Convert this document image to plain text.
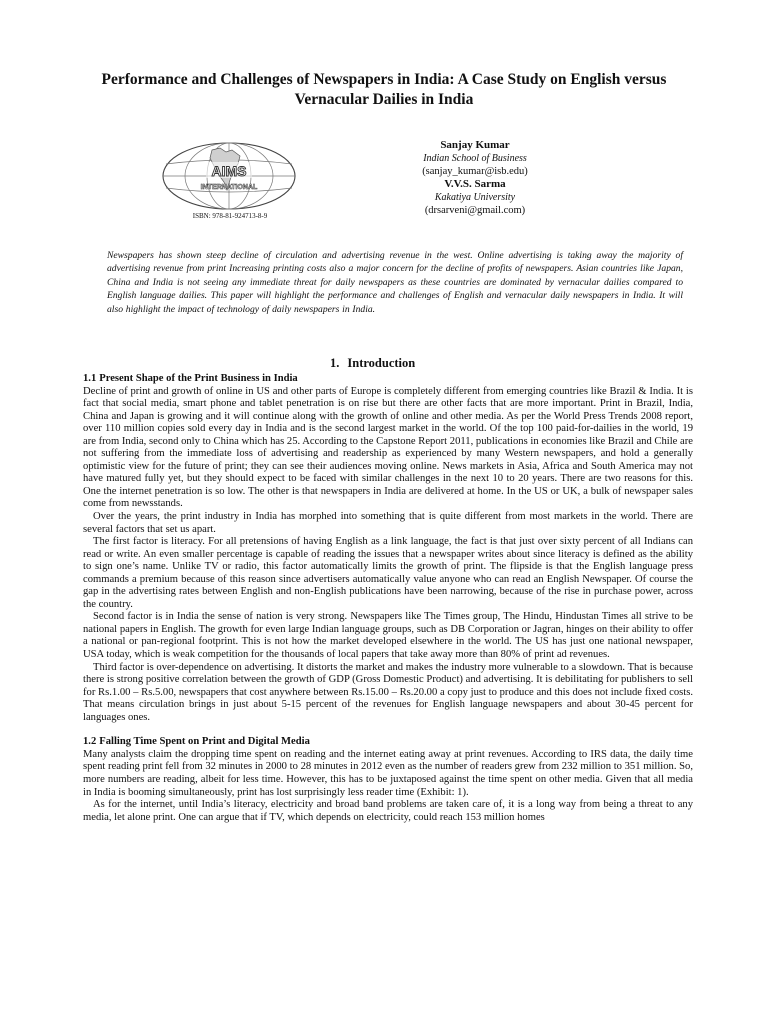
Performance and Challenges of Newspapers in India: A Case Study on English versus Vernacular Dailies in India
AIMS
INTERNATIONAL
ISBN: 978-81-924713-8-9
Sanjay Kumar
Indian School of Business
(sanjay_kumar@isb.edu)
V.V.S. Sarma
Kakatiya University
(drsarveni@gmail.com)
Newspapers has shown steep decline of circulation and advertising revenue in the west. Online advertising is taking away the majority of advertising revenue from print Increasing printing costs also a major concern for the decline of profits of newspapers. Asian countries like Japan, China and India is not seeing any immediate threat for daily newspapers as these countries are dominated by vernacular dailies compared to English language dailies. This paper will highlight the performance and challenges of English and vernacular daily newspapers in India. It will also highlight the impact of technology of daily newspapers in India.
1. Introduction
1.1 Present Shape of the Print Business in India

Decline of print and growth of online in US and other parts of Europe is completely different from emerging countries like Brazil & India. It is fact that social media, smart phone and tablet penetration is on rise but there are other facts that are more important. Print in Brazil, India, China and Japan is growing and it will continue along with the growth of online and other media. As per the World Press Trends 2008 report, over 110 million copies sold every day in India and is the second largest market in the world. Of the top 100 paid-for-dailies in the world, 19 are from India, second only to China which has 25. According to the Capstone Report 2011, publications in economies like Brazil and Chile are not suffering from the immediate loss of advertising and readership as experienced by many Western newspapers, and hold a generally optimistic view for the future of print; they can see their audiences moving online. News markets in Asia, Africa and South America may not have matured fully yet, but they should expect to be faced with similar challenges in the next 10 to 20 years. There are two reasons for this. One the internet penetration is so low. The other is that newspapers in India are delivered at home. In the US or UK, a bulk of newspaper sales come from newsstands.

Over the years, the print industry in India has morphed into something that is quite different from most markets in the world. There are several factors that set us apart.

The first factor is literacy. For all pretensions of having English as a link language, the fact is that just over sixty percent of all Indians can read or write. An even smaller percentage is capable of reading the issues that a newspaper writes about since literacy is defined as the ability to sign one’s name. Unlike TV or radio, this factor automatically limits the growth of print. The flipside is that the English language press commands a premium because of this reason since advertisers automatically value anyone who can read an English Newspaper. Of course the gap in the advertising rates between English and non-English publications have been narrowing, because of the rise in purchase power, across the country.

Second factor is in India the sense of nation is very strong. Newspapers like The Times group, The Hindu, Hindustan Times all strive to be national papers in English. The growth for even large Indian language groups, such as DB Corporation or Jagran, hinges on their ability to offer a national or pan-regional footprint. This is not how the market developed elsewhere in the world. The US has just one national newspaper, USA today, which is weak competition for the thousands of local papers that take away more than 80% of print ad revenues.

Third factor is over-dependence on advertising. It distorts the market and makes the industry more vulnerable to a slowdown. That is because there is strong positive correlation between the growth of GDP (Gross Domestic Product) and advertising. It is debilitating for publishers to sell for Rs.1.00 – Rs.5.00, newspapers that cost anywhere between Rs.15.00 – Rs.20.00 a copy just to produce and this does not include fixed costs. That means circulation brings in just about 5-15 percent of the revenues for English language newspapers and about 30-45 percent for languages ones.

1.2 Falling Time Spent on Print and Digital Media

Many analysts claim the dropping time spent on reading and the internet eating away at print revenues. According to IRS data, the daily time spent reading print fell from 32 minutes in 2000 to 28 minutes in 2012 even as the number of readers grew from 232 million to 351 million. So, more numbers are reading, albeit for less time. However, this has to be juxtaposed against the time spent on other media. Given that all media in India is booming simultaneously, print has lost surprisingly less reader time (Exhibit: 1).

As for the internet, until India’s literacy, electricity and broad band problems are taken care of, it is a long way from being a threat to any media, let alone print. One can argue that if TV, which depends on electricity, could reach 153 million homes
